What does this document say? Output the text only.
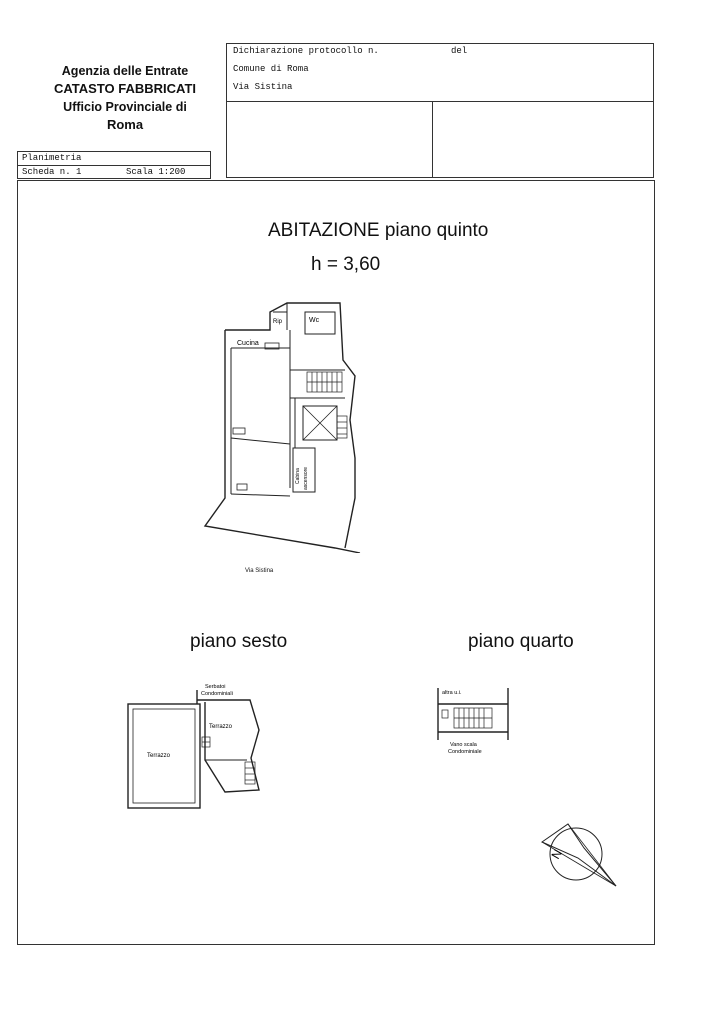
Agenzia delle Entrate
CATASTO FABBRICATI
Ufficio Provinciale di
Roma
Dichiarazione protocollo n.	del
Comune di Roma
Via Sistina
Planimetria
Scheda n. 1	Scala 1:200
ABITAZIONE piano quinto
h = 3,60
Rip	Wc
Cucina
Cabina ascensore
Via Sistina
piano sesto	piano quarto
Serbatoi
Condominiali
Terrazzo
Terrazzo
altra u.i.
Vano scala
Condominiale
N
